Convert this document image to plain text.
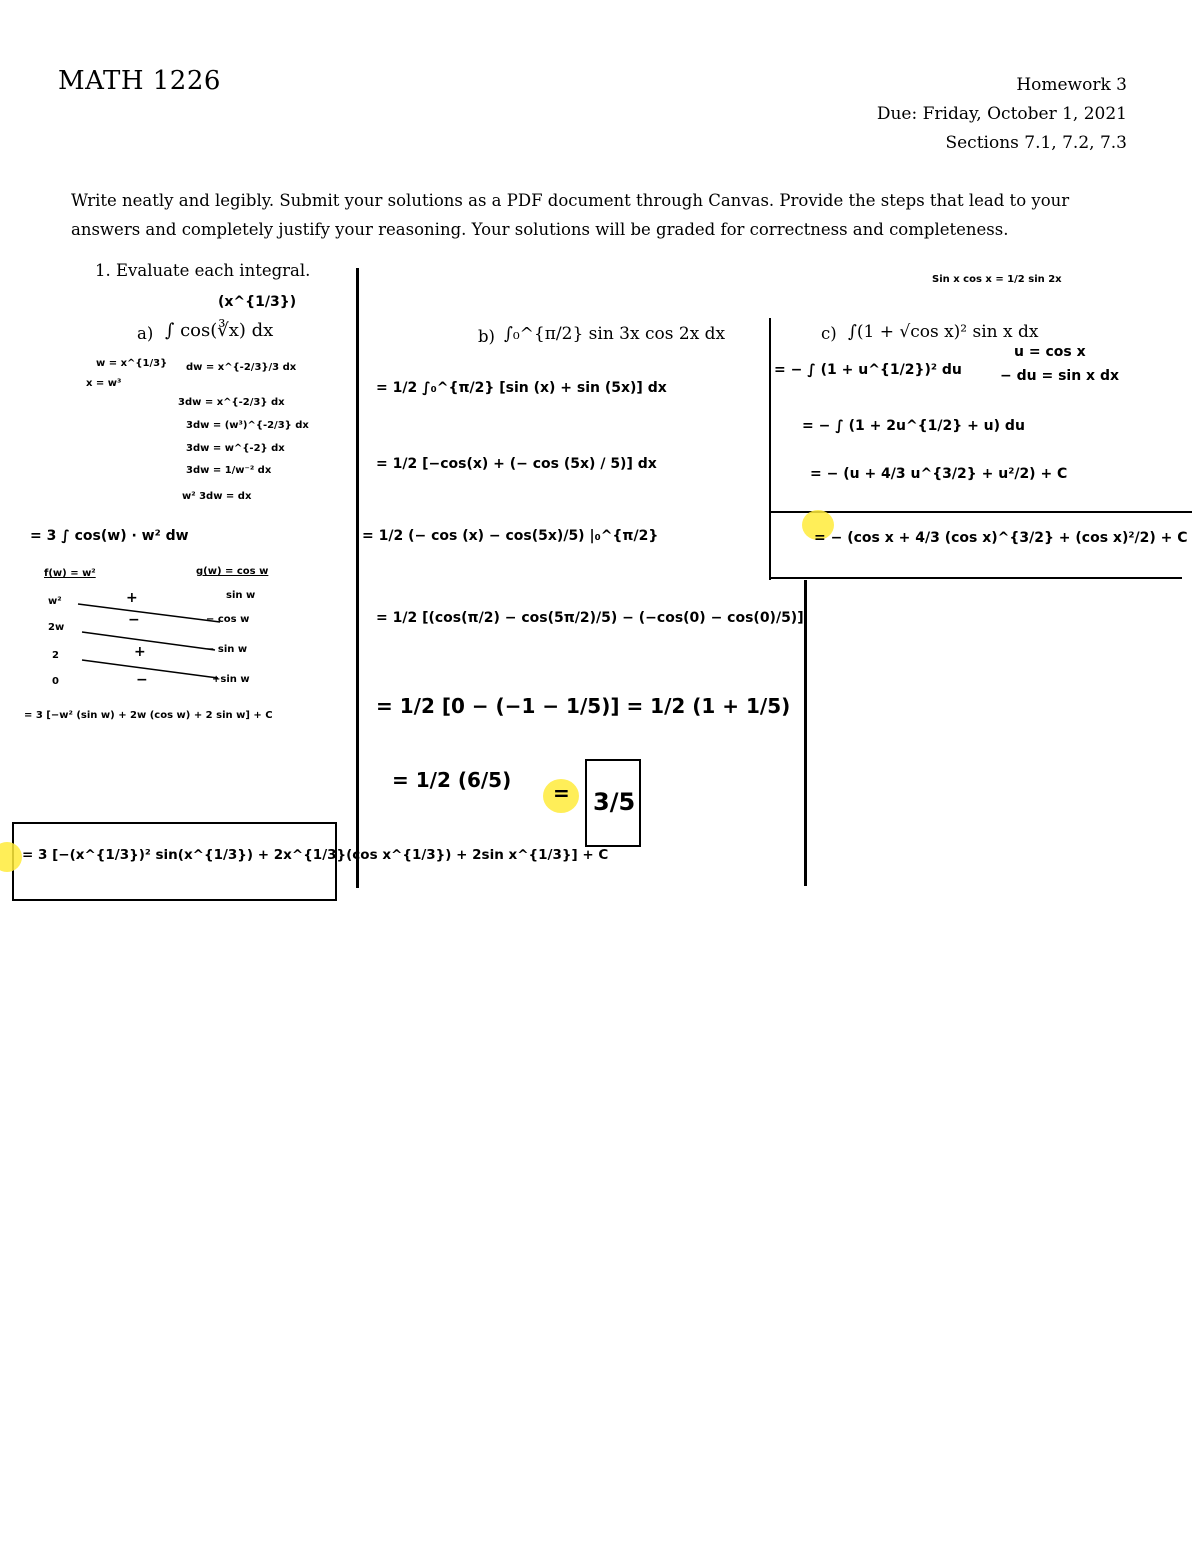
MATH 1226	Homework 3
Due: Friday, October 1, 2021
Sections 7.1, 7.2, 7.3
Write neatly and legibly. Submit your solutions as a PDF document through Canvas. Provide the steps that lead to your answers and completely justify your reasoning. Your solutions will be graded for correctness and completeness.
1. Evaluate each integral.
(x^{1/3})
a) ∫ cos(∛x) dx
w = x^{1/3}
x = w³
dw = x^{-2/3}/3 dx
3dw = x^{-2/3} dx
3dw = (w³)^{-2/3} dx
3dw = w^{-2} dx
3dw = 1/w⁻² dx
w² 3dw = dx
= 3 ∫ cos(w) · w² dw
f(w) = w²	g(w) = cos w
w²
2w
2
0
+
−
+
−
sin w
− cos w
− sin w
+sin w
= 3 [−w² (sin w) + 2w (cos w) + 2 sin w] + C
= 3 [−(x^{1/3})² sin(x^{1/3}) + 2x^{1/3}(cos x^{1/3}) + 2sin x^{1/3}] + C
b) ∫₀^{π/2} sin 3x cos 2x dx
= 1/2 ∫₀^{π/2} [sin (x) + sin (5x)] dx
= 1/2 [−cos(x) + (− cos (5x) / 5)] dx
= 1/2 (− cos (x) − cos(5x)/5) |₀^{π/2}
= 1/2 [(cos(π/2) − cos(5π/2)/5) − (−cos(0) − cos(0)/5)]
= 1/2 [0 − (−1 − 1/5)] = 1/2 (1 + 1/5)
= 1/2 (6/5)
= 3/5
Sin x cos x = 1/2 sin 2x
c) ∫(1 + √cos x)² sin x dx
u = cos x
− du = sin x dx
= − ∫ (1 + u^{1/2})² du
= − ∫ (1 + 2u^{1/2} + u) du
= − (u + 4/3 u^{3/2} + u²/2) + C
= − (cos x + 4/3 (cos x)^{3/2} + (cos x)²/2) + C
